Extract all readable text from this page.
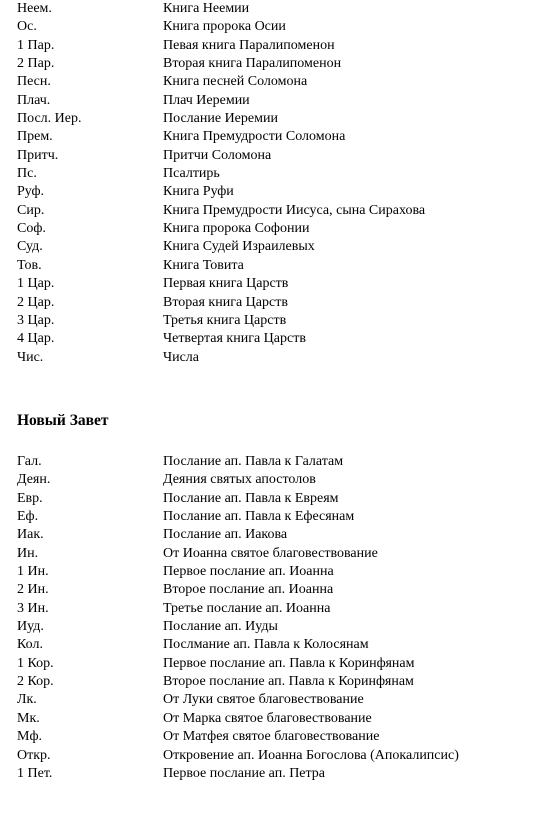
Неем.	Книга Неемии
Ос.	Книга пророка Осии
1 Пар.	Певая книга Паралипоменон
2 Пар.	Вторая книга Паралипоменон
Песн.	Книга песней Соломона
Плач.	Плач Иеремии
Посл. Иер.	Послание Иеремии
Прем.	Книга Премудрости Соломона
Притч.	Притчи Соломона
Пс.	Псалтирь
Руф.	Книга Руфи
Сир.	Книга Премудрости Иисуса, сына Сирахова
Соф.	Книга пророка Софонии
Суд.	Книга Судей Израилевых
Тов.	Книга Товита
1 Цар.	Первая книга Царств
2 Цар.	Вторая книга Царств
3 Цар.	Третья книга Царств
4 Цар.	Четвертая книга Царств
Чис.	Числа
Новый Завет
Гал.	Послание ап. Павла к Галатам
Деян.	Деяния святых апостолов
Евр.	Послание ап. Павла к Евреям
Еф.	Послание ап. Павла к Ефесянам
Иак.	Послание ап. Иакова
Ин.	От Иоанна святое благовествование
1 Ин.	Первое послание ап. Иоанна
2 Ин.	Второе послание ап. Иоанна
3 Ин.	Третье послание ап. Иоанна
Иуд.	Послание ап. Иуды
Кол.	Послмание ап. Павла к Колосянам
1 Кор.	Первое послание ап. Павла к Коринфянам
2 Кор.	Второе послание ап. Павла к Коринфянам
Лк.	От Луки святое благовествование
Мк.	От Марка святое благовествование
Мф.	От Матфея святое благовествование
Откр.	Откровение ап. Иоанна Богослова (Апокалипсис)
1 Пет.	Первое послание ап. Петра
